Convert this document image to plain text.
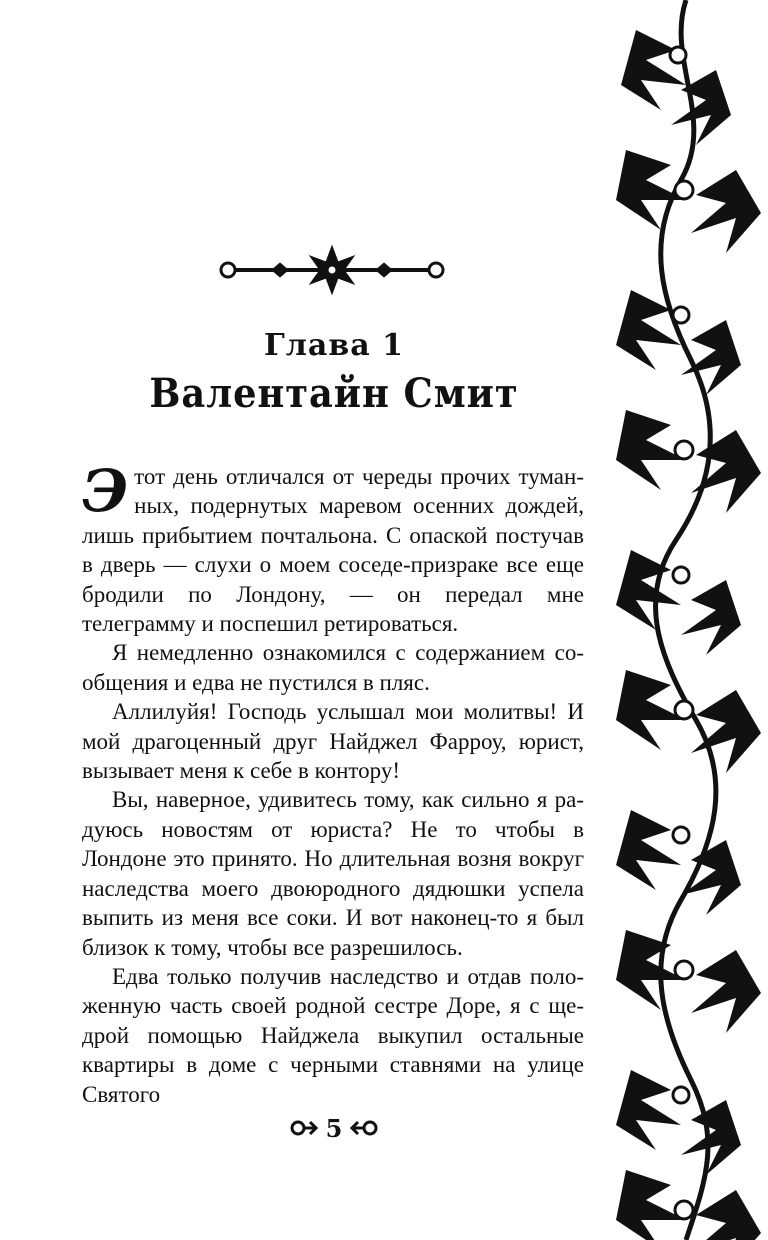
Глава 1
Валентайн Смит

Этот день отличался от череды прочих туманных, подернутых маревом осенних дождей, лишь прибытием почтальона. С опаской постучав в дверь — слухи о моем соседе-призраке все еще бродили по Лондону, — он передал мне телеграмму и поспешил ретироваться.

Я немедленно ознакомился с содержанием сообщения и едва не пустился в пляс.

Аллилуйя! Господь услышал мои молитвы! И мой драгоценный друг Найджел Фарроу, юрист, вызывает меня к себе в контору!

Вы, наверное, удивитесь тому, как сильно я радуюсь новостям от юриста? Не то чтобы в Лондоне это принято. Но длительная возня вокруг наследства моего двоюродного дядюшки успела выпить из меня все соки. И вот наконец-то я был близок к тому, чтобы все разрешилось.

Едва только получив наследство и отдав положенную часть своей родной сестре Доре, я с щедрой помощью Найджела выкупил остальные квартиры в доме с черными ставнями на улице Святого

5
